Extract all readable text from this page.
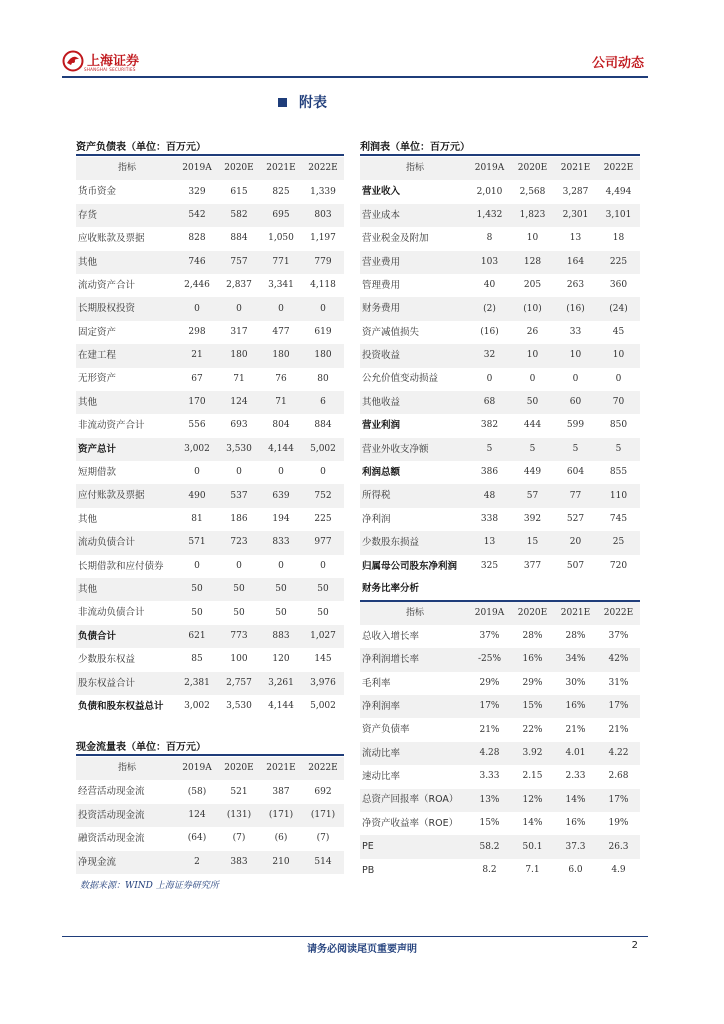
上海证券
SHANGHAI SECURITIES	公司动态
附表
资产负债表（单位：百万元）
指标	2019A	2020E	2021E	2022E
货币资金	329	615	825	1,339
存货	542	582	695	803
应收账款及票据	828	884	1,050	1,197
其他	746	757	771	779
流动资产合计	2,446	2,837	3,341	4,118
长期股权投资	0	0	0	0
固定资产	298	317	477	619
在建工程	21	180	180	180
无形资产	67	71	76	80
其他	170	124	71	6
非流动资产合计	556	693	804	884
资产总计	3,002	3,530	4,144	5,002
短期借款	0	0	0	0
应付账款及票据	490	537	639	752
其他	81	186	194	225
流动负债合计	571	723	833	977
长期借款和应付债券	0	0	0	0
其他	50	50	50	50
非流动负债合计	50	50	50	50
负债合计	621	773	883	1,027
少数股东权益	85	100	120	145
股东权益合计	2,381	2,757	3,261	3,976
负债和股东权益总计	3,002	3,530	4,144	5,002
现金流量表（单位：百万元）
指标	2019A	2020E	2021E	2022E
经营活动现金流	(58)	521	387	692
投资活动现金流	124	(131)	(171)	(171)
融资活动现金流	(64)	(7)	(6)	(7)
净现金流	2	383	210	514
利润表（单位：百万元）
指标	2019A	2020E	2021E	2022E
营业收入	2,010	2,568	3,287	4,494
营业成本	1,432	1,823	2,301	3,101
营业税金及附加	8	10	13	18
营业费用	103	128	164	225
管理费用	40	205	263	360
财务费用	(2)	(10)	(16)	(24)
资产减值损失	(16)	26	33	45
投资收益	32	10	10	10
公允价值变动损益	0	0	0	0
其他收益	68	50	60	70
营业利润	382	444	599	850
营业外收支净额	5	5	5	5
利润总额	386	449	604	855
所得税	48	57	77	110
净利润	338	392	527	745
少数股东损益	13	15	20	25
归属母公司股东净利润	325	377	507	720
财务比率分析				
指标	2019A	2020E	2021E	2022E
总收入增长率	37%	28%	28%	37%
净利润增长率	-25%	16%	34%	42%
毛利率	29%	29%	30%	31%
净利润率	17%	15%	16%	17%
资产负债率	21%	22%	21%	21%
流动比率	4.28	3.92	4.01	4.22
速动比率	3.33	2.15	2.33	2.68
总资产回报率（ROA）	13%	12%	14%	17%
净资产收益率（ROE）	15%	14%	16%	19%
PE	58.2	50.1	37.3	26.3
PB	8.2	7.1	6.0	4.9
数据来源：WIND 上海证券研究所
请务必阅读尾页重要声明	2
